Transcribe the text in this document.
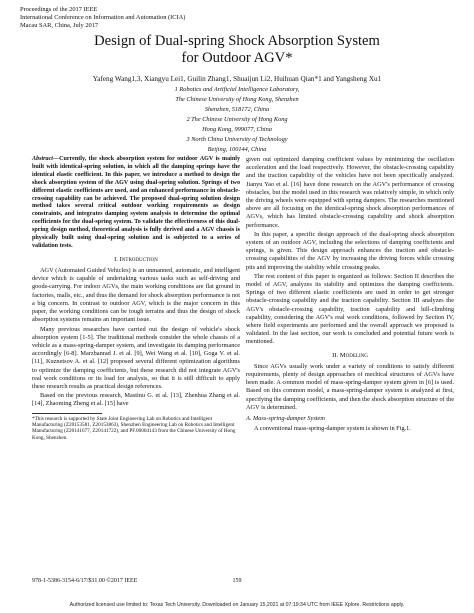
Proceedings of the 2017 IEEE
International Conference on Information and Automation (ICIA)
Macau SAR, China, July 2017
Design of Dual-spring Shock Absorption System
for Outdoor AGV*
Yafeng Wang1,3, Xiangyu Lei1, Guilin Zhang1, Shuaijun Li2, Huihuan Qian*1 and Yangsheng Xu1
1 Robotics and Artificial Intelligence Laboratory,
The Chinese University of Hong Kong, Shenzhen
Shenzhen, 518172, China
2 The Chinese University of Hong Kong
Hong Kong, 999077, China
3 North China University of Technology
Beijing, 100144, China
Abstract—Currently, the shock absorption system for outdoor AGV is mainly built with identical-spring solution, in which all the damping springs have the identical elastic coefficient. In this paper, we introduce a method to design the shock absorption system of the AGV using dual-spring solution. Springs of two different elastic coefficients are used, and an enhanced performance in obstacle-crossing capability can be achieved. The proposed dual-spring solution design method takes several critical outdoor working requirements as design constraints, and integrates damping system analysis to determine the optimal coefficients for the dual-spring system. To validate the effectiveness of this dual-spring design method, theoretical analysis is fully derived and a AGV chassis is physically built using dual-spring solution and is subjected to a series of validation tests.
I. Introduction
AGV (Automated Guided Vehicles) is an unmanned, automatic, and intelligent device which is capable of undertaking various tasks such as self-driving and goods-carrying. For indoor AGVs, the main working conditions are flat ground in factories, malls, etc., and thus the demand for shock absorption performance is not a big concern. In contrast to outdoor AGV, which is the major concern in this paper, the working conditions can be tough terrains and thus the design of shock absorption systems remains an important issue.
Many previous researches have carried out the design of vehicle's shock absorption system [1-5]. The traditional methods consider the whole chassis of a vehicle as a mass-spring-damper system, and investigate its damping performance accordingly [6-8]. Marzbanrad J. et al. [9], Wei Wang et al. [10], Goga V. et al. [11], Kuznetsov A. et al. [12] proposed several different optimization algorithms to optimize the damping coefficients, but these research did not integrate AGV's real work conditions or its load for analysis, so that it is still difficult to apply these research results as practical design references.
Based on the previous research, Mastinu G. et al. [13], Zhenhua Zhang et al. [14], Zhaoming Zheng et al. [15] have
*This research is supported by State Joint Engineering Lab on Robotics and Intelligent Manufacturing (Z20153581, Z20153863), Shenzhen Engineering Lab on Robotics and Intelligent Manufacturing (Z20141677, Z20141722), and PF.00004143 from the Chinese University of Hong Kong, Shenzhen.
given out optimized damping coefficient values by minimizing the oscillation acceleration and the load respectively. However, the obstacle-crossing capability and the traction capability of the vehicles have not been specifically analyzed. Jianyu Yao et al. [16] have done research on the AGV's performance of crossing obstacles, but the model used in this research was relatively simple, in which only the driving wheels were equipped with spring dampers. The researches mentioned above are all focusing on the identical-spring shock absorption performances of AGVs, which has limited obstacle-crossing capability and shock absorption performance.
In this paper, a specific design approach of the dual-spring shock absorption system of an outdoor AGV, including the selections of damping coefficients and springs, is given. This design approach enhances the traction and obstacle-crossing capabilities of the AGV by increasing the driving forces while crossing pits and improving the stability while crossing peaks.
The rest content of this paper is organized as follows: Section II describes the model of AGV, analyzes its stability and optimizes the damping coefficients. Springs of two different elastic coefficients are used in order to get stronger obstacle-crossing capability and the traction capability. Section III analyzes the AGV's obstacle-crossing capability, traction capability and hill-climbing capability, considering the AGV's real work conditions, followed by Section IV, where field experiments are performed and the overall approach we proposed is validated. In the last section, our work is concluded and potential future work is mentioned.
II. Modeling
Since AGVs usually work under a variety of conditions to satisfy different requirements, plenty of design approaches of mechical structures of AGVs have been made. A common model of mass-spring-damper system given in [6] is used. Based on this common model, a mass-spring-damper system is analyzed at first, specifying the damping coefficients, and then the shock absorption structure of the AGV is determined.
A. Mass-spring-damper System
A conventional mass-spring-damper system is shown in Fig.1.
978-1-5386-3154-6/17/$31.00 ©2017 IEEE	159
Authorized licensed use limited to: Texas Tech University. Downloaded on January 15,2021 at 07:19:34 UTC from IEEE Xplore. Restrictions apply.
